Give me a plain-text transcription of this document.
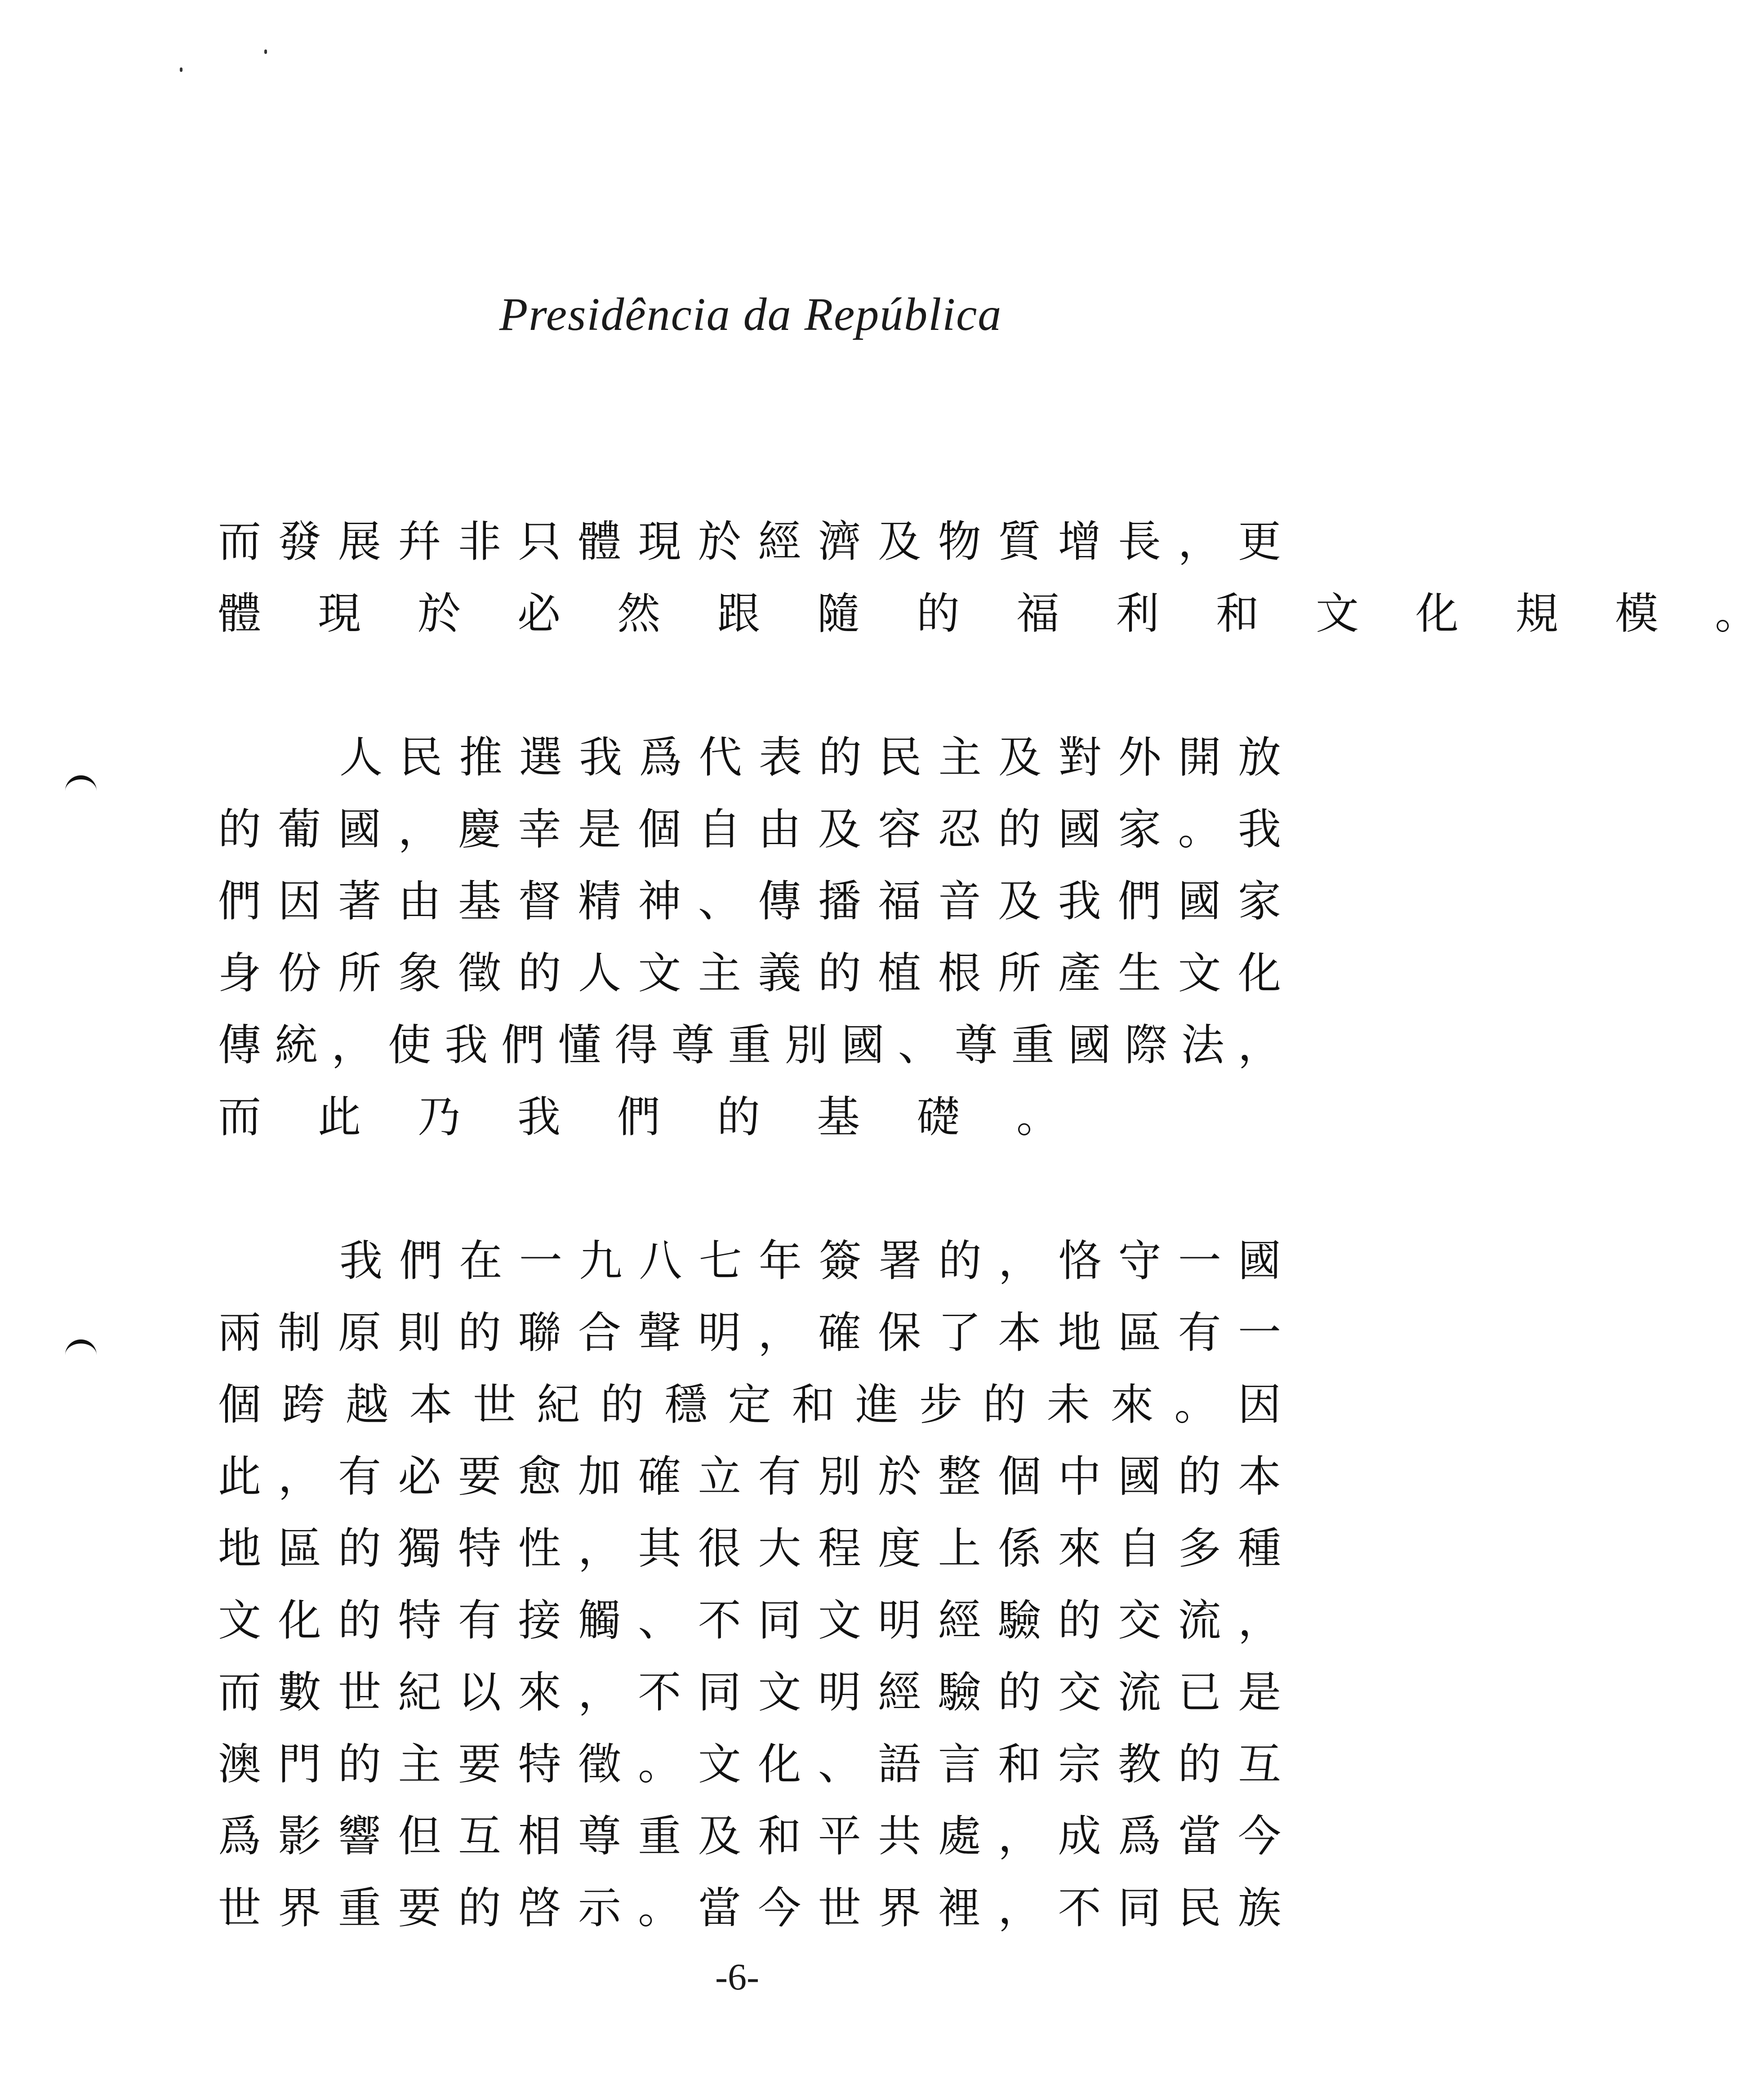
Presidência da República
而 發 展 幷 非 只 體 現 於 經 濟 及 物 質 增 長 ， 更
體 現 於 必 然 跟 隨 的 福 利 和 文 化 規 模 。
人 民 推 選 我 爲 代 表 的 民 主 及 對 外 開 放
的 葡 國 ， 慶 幸 是 個 自 由 及 容 忍 的 國 家 。 我
們 因 著 由 基 督 精 神 、 傳 播 福 音 及 我 們 國 家
身 份 所 象 徵 的 人 文 主 義 的 植 根 所 產 生 文 化
傳 統 ， 使 我 們 懂 得 尊 重 別 國 、 尊 重 國 際 法 ，
而 此 乃 我 們 的 基 礎 。
我 們 在 一 九 八 七 年 簽 署 的 ， 恪 守 一 國
兩 制 原 則 的 聯 合 聲 明 ， 確 保 了 本 地 區 有 一
個 跨 越 本 世 紀 的 穩 定 和 進 步 的 未 來 。 因
此 ， 有 必 要 愈 加 確 立 有 別 於 整 個 中 國 的 本
地 區 的 獨 特 性 ， 其 很 大 程 度 上 係 來 自 多 種
文 化 的 特 有 接 觸 、 不 同 文 明 經 驗 的 交 流 ，
而 數 世 紀 以 來 ， 不 同 文 明 經 驗 的 交 流 已 是
澳 門 的 主 要 特 徵 。 文 化 、 語 言 和 宗 教 的 互
爲 影 響 但 互 相 尊 重 及 和 平 共 處 ， 成 爲 當 今
世 界 重 要 的 啓 示 。 當 今 世 界 裡 ， 不 同 民 族
-6-
